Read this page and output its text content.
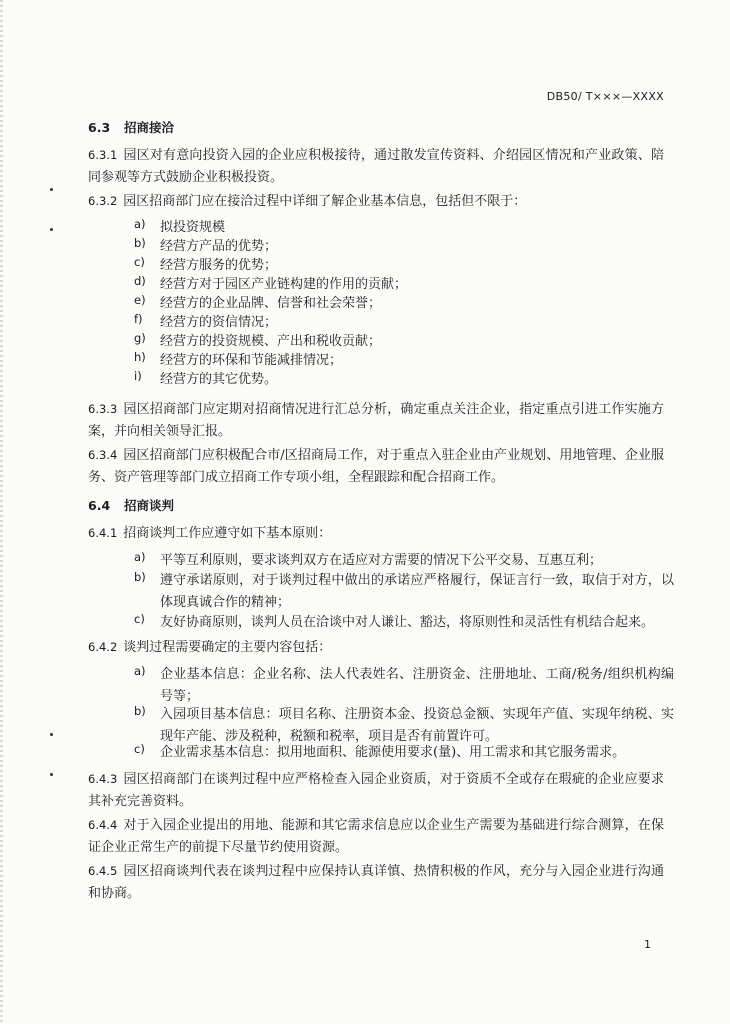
DB50/ T×××—XXXX
6.3 招商接洽
6.3.1 园区对有意向投资入园的企业应积极接待，通过散发宣传资料、介绍园区情况和产业政策、陪同参观等方式鼓励企业积极投资。
6.3.2 园区招商部门应在接洽过程中详细了解企业基本信息，包括但不限于：
a) 拟投资规模
b) 经营方产品的优势；
c) 经营方服务的优势；
d) 经营方对于园区产业链构建的作用的贡献；
e) 经营方的企业品牌、信誉和社会荣誉；
f) 经营方的资信情况；
g) 经营方的投资规模、产出和税收贡献；
h) 经营方的环保和节能减排情况；
i) 经营方的其它优势。
6.3.3 园区招商部门应定期对招商情况进行汇总分析，确定重点关注企业，指定重点引进工作实施方案，并向相关领导汇报。
6.3.4 园区招商部门应积极配合市/区招商局工作，对于重点入驻企业由产业规划、用地管理、企业服务、资产管理等部门成立招商工作专项小组，全程跟踪和配合招商工作。
6.4 招商谈判
6.4.1 招商谈判工作应遵守如下基本原则：
a) 平等互利原则，要求谈判双方在适应对方需要的情况下公平交易、互惠互利；
b) 遵守承诺原则，对于谈判过程中做出的承诺应严格履行，保证言行一致，取信于对方，以体现真诚合作的精神；
c) 友好协商原则，谈判人员在洽谈中对人谦让、豁达，将原则性和灵活性有机结合起来。
6.4.2 谈判过程需要确定的主要内容包括：
a) 企业基本信息：企业名称、法人代表姓名、注册资金、注册地址、工商/税务/组织机构编号等；
b) 入园项目基本信息：项目名称、注册资本金、投资总金额、实现年产值、实现年纳税、实现年产能、涉及税种，税额和税率，项目是否有前置许可。
c) 企业需求基本信息：拟用地面积、能源使用要求(量)、用工需求和其它服务需求。
6.4.3 园区招商部门在谈判过程中应严格检查入园企业资质，对于资质不全或存在瑕疵的企业应要求其补充完善资料。
6.4.4 对于入园企业提出的用地、能源和其它需求信息应以企业生产需要为基础进行综合测算，在保证企业正常生产的前提下尽量节约使用资源。
6.4.5 园区招商谈判代表在谈判过程中应保持认真详慎、热情积极的作风，充分与入园企业进行沟通和协商。
1
